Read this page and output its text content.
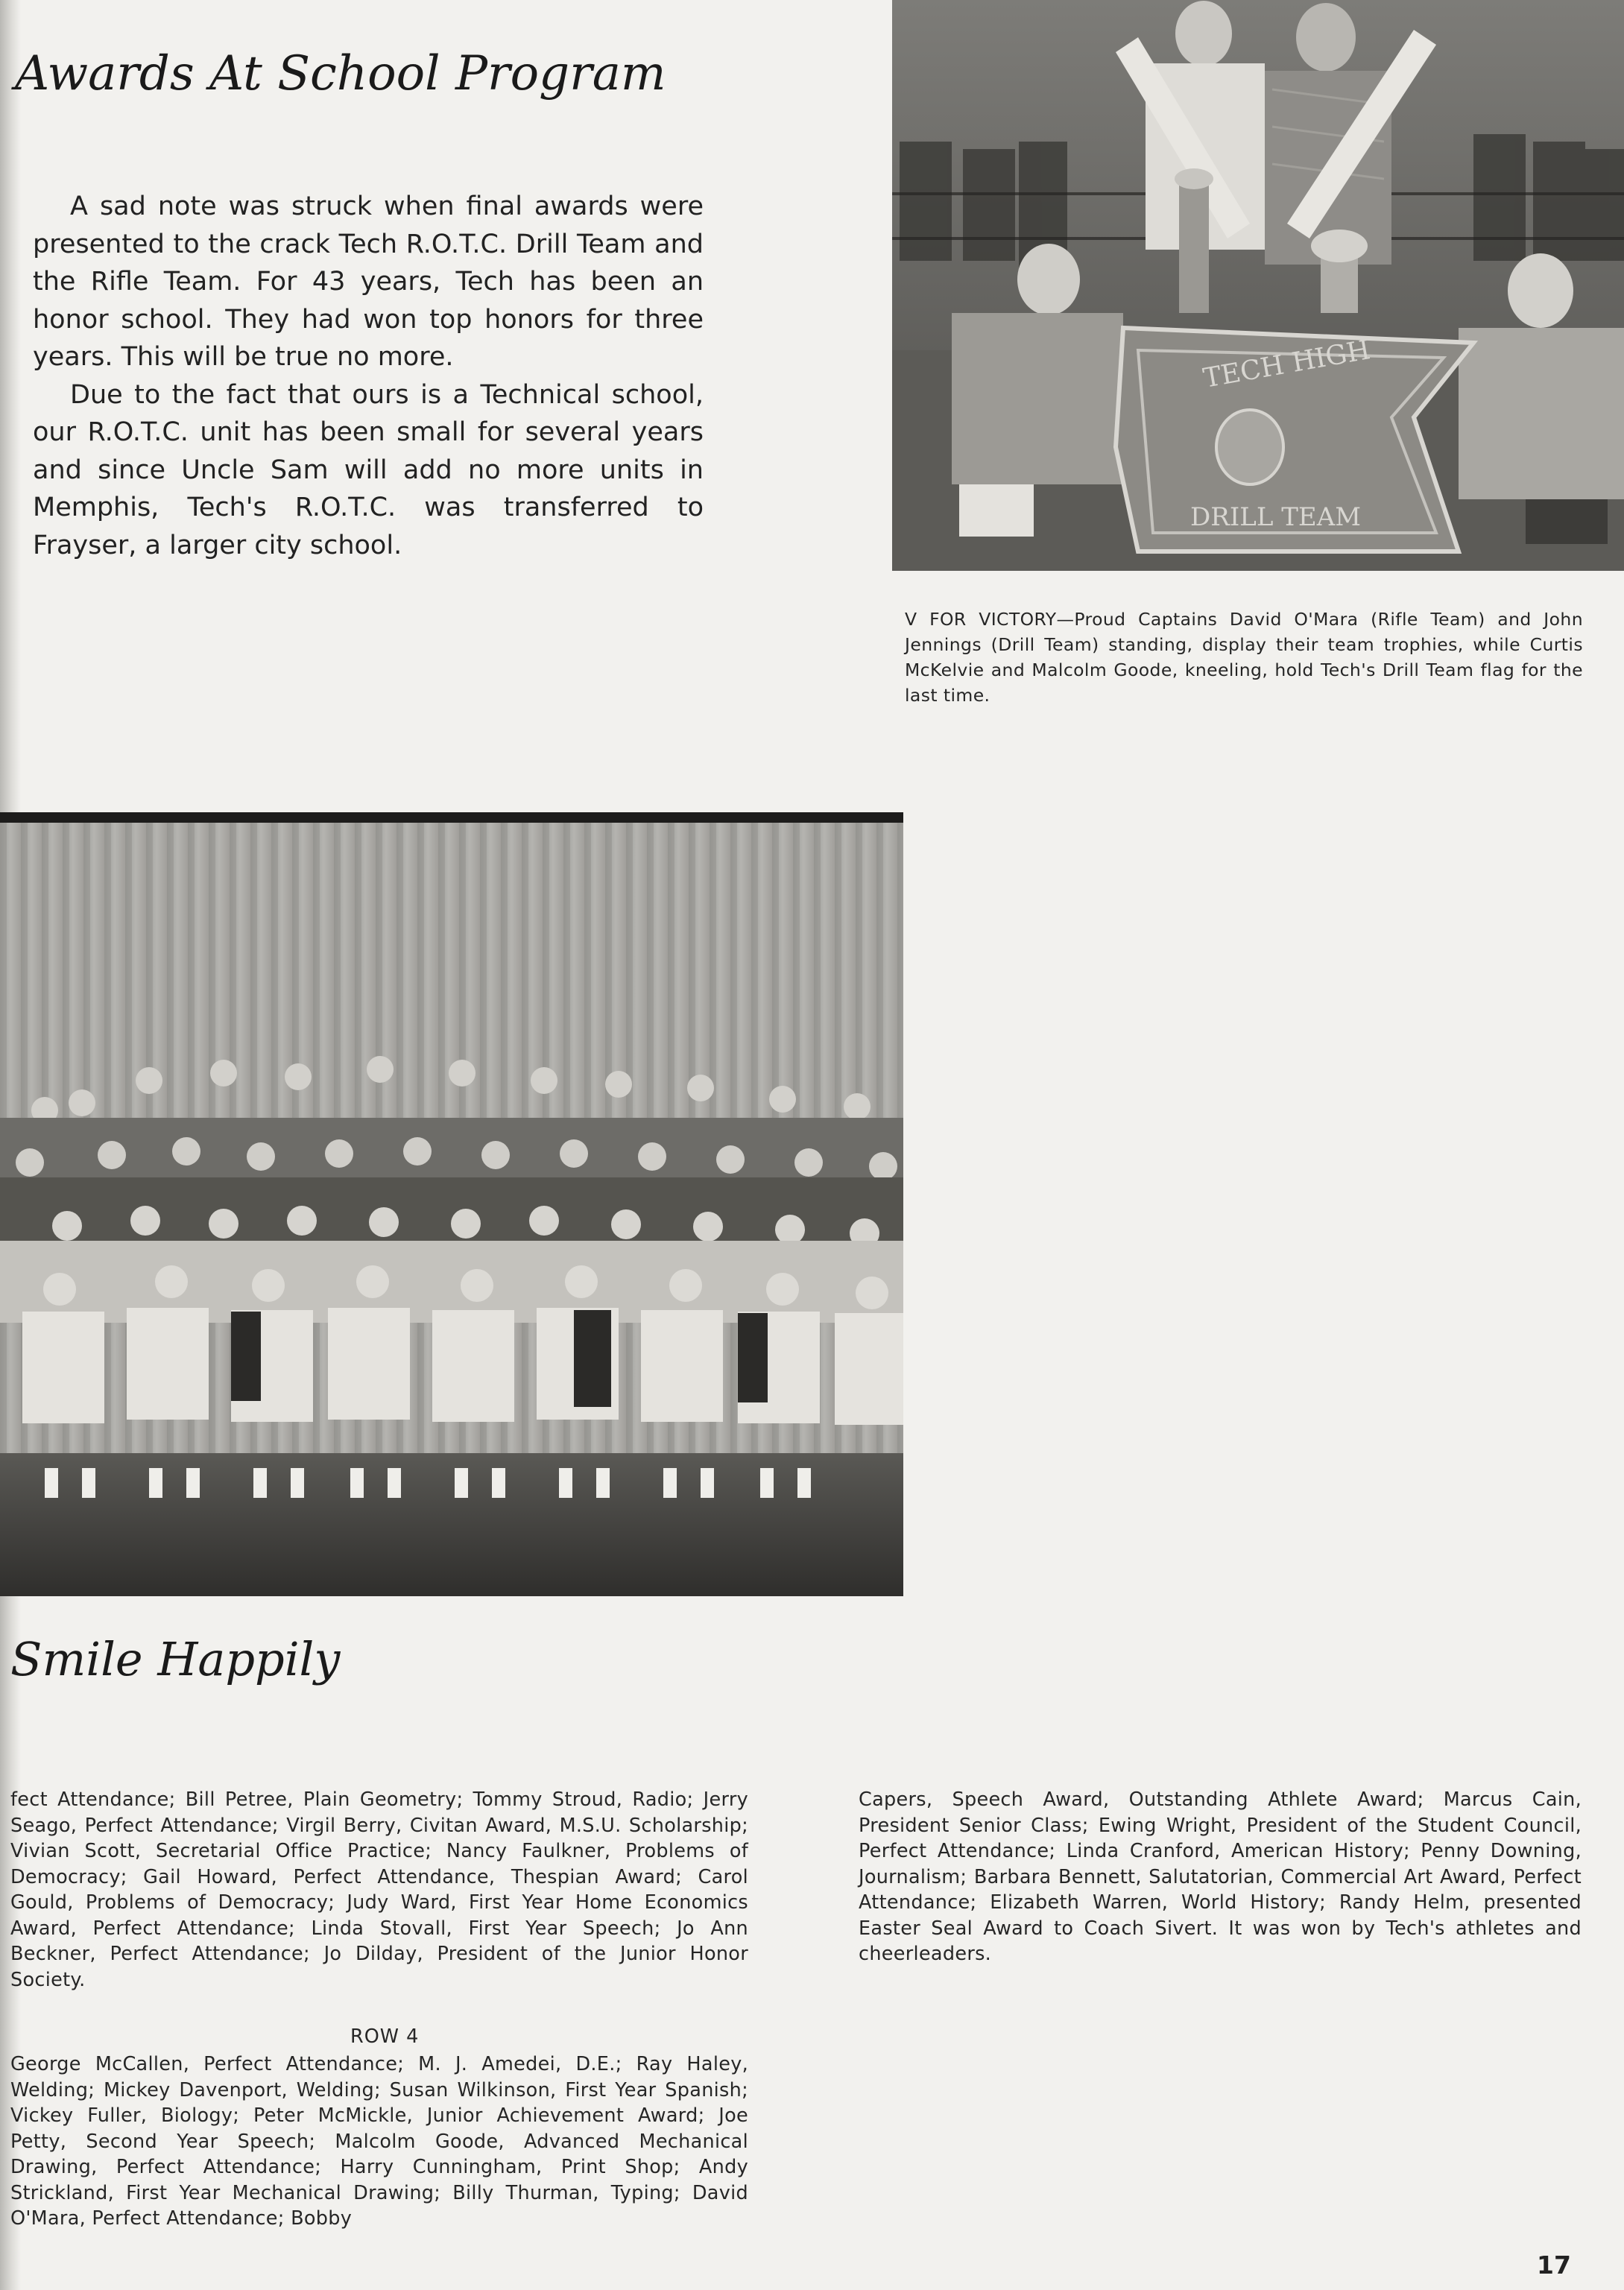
Awards At School Program

A sad note was struck when final awards were presented to the crack Tech R.O.T.C. Drill Team and the Rifle Team. For 43 years, Tech has been an honor school. They had won top honors for three years. This will be true no more.

Due to the fact that ours is a Technical school, our R.O.T.C. unit has been small for several years and since Uncle Sam will add no more units in Memphis, Tech's R.O.T.C. was transferred to Frayser, a larger city school.

TECH HIGH
DRILL TEAM

V FOR VICTORY—Proud Captains David O'Mara (Rifle Team) and John Jennings (Drill Team) standing, display their team trophies, while Curtis McKelvie and Malcolm Goode, kneeling, hold Tech's Drill Team flag for the last time.

Smile Happily

fect Attendance; Bill Petree, Plain Geometry; Tommy Stroud, Radio; Jerry Seago, Perfect Attendance; Virgil Berry, Civitan Award, M.S.U. Scholarship; Vivian Scott, Secretarial Office Practice; Nancy Faulkner, Problems of Democracy; Gail Howard, Perfect Attendance, Thespian Award; Carol Gould, Problems of Democracy; Judy Ward, First Year Home Economics Award, Perfect Attendance; Linda Stovall, First Year Speech; Jo Ann Beckner, Perfect Attendance; Jo Dilday, President of the Junior Honor Society.

ROW 4

George McCallen, Perfect Attendance; M. J. Amedei, D.E.; Ray Haley, Welding; Mickey Davenport, Welding; Susan Wilkinson, First Year Spanish; Vickey Fuller, Biology; Peter McMickle, Junior Achievement Award; Joe Petty, Second Year Speech; Malcolm Goode, Advanced Mechanical Drawing, Perfect Attendance; Harry Cunningham, Print Shop; Andy Strickland, First Year Mechanical Drawing; Billy Thurman, Typing; David O'Mara, Perfect Attendance; Bobby

Capers, Speech Award, Outstanding Athlete Award; Marcus Cain, President Senior Class; Ewing Wright, President of the Student Council, Perfect Attendance; Linda Cranford, American History; Penny Downing, Journalism; Barbara Bennett, Salutatorian, Commercial Art Award, Perfect Attendance; Elizabeth Warren, World History; Randy Helm, presented Easter Seal Award to Coach Sivert. It was won by Tech's athletes and cheerleaders.

17
